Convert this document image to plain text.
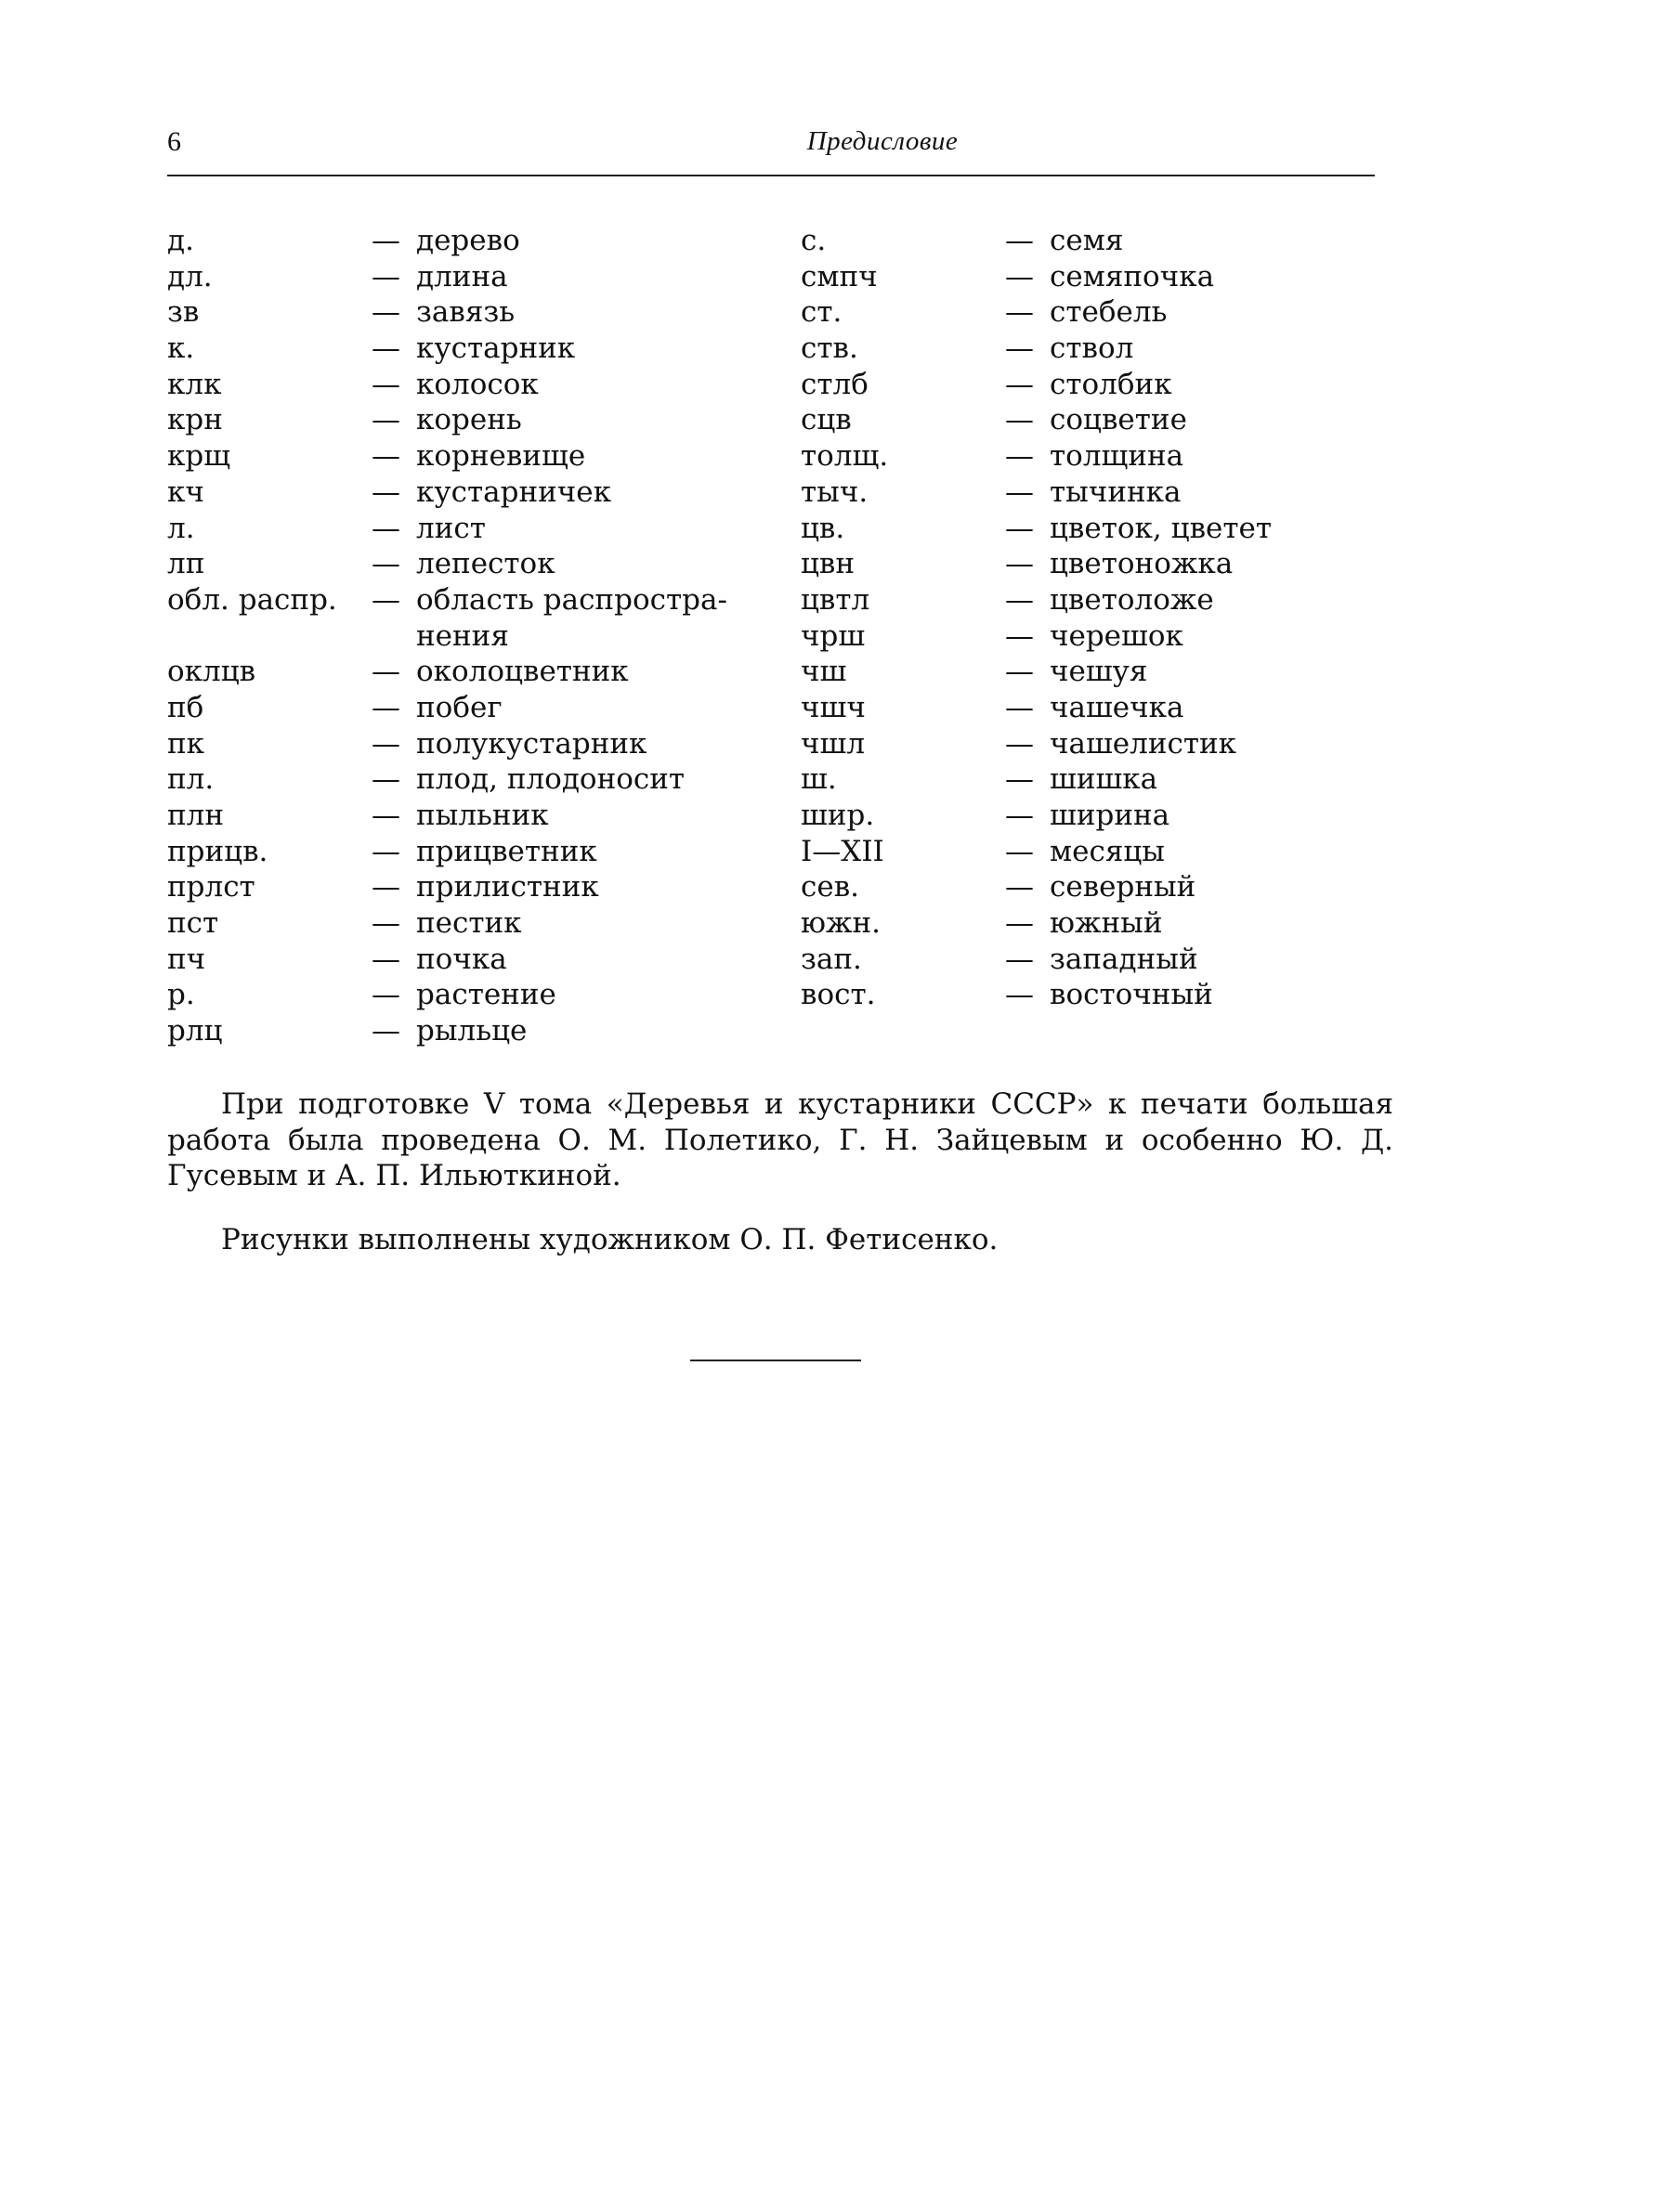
6	Предисловие
д.	— дерево
дл.	— длина
зв	— завязь
к.	— кустарник
клк	— колосок
крн	— корень
крщ	— корневище
кч	— кустарничек
л.	— лист
лп	— лепесток
обл. распр.	— область распростра-нения
оклцв	— околоцветник
пб	— побег
пк	— полукустарник
пл.	— плод, плодоносит
плн	— пыльник
прицв.	— прицветник
прлст	— прилистник
пст	— пестик
пч	— почка
р.	— растение
рлц	— рыльце
с.	— семя
смпч	— семяпочка
ст.	— стебель
ств.	— ствол
стлб	— столбик
сцв	— соцветие
толщ.	— толщина
тыч.	— тычинка
цв.	— цветок, цветет
цвн	— цветоножка
цвтл	— цветоложе
чрш	— черешок
чш	— чешуя
чшч	— чашечка
чшл	— чашелистик
ш.	— шишка
шир.	— ширина
I—XII	— месяцы
сев.	— северный
южн.	— южный
зап.	— западный
вост.	— восточный

При подготовке V тома «Деревья и кустарники СССР» к печати большая работа была проведена О. М. Полетико, Г. Н. Зайцевым и особенно Ю. Д. Гусевым и А. П. Ильюткиной.

Рисунки выполнены художником О. П. Фетисенко.
